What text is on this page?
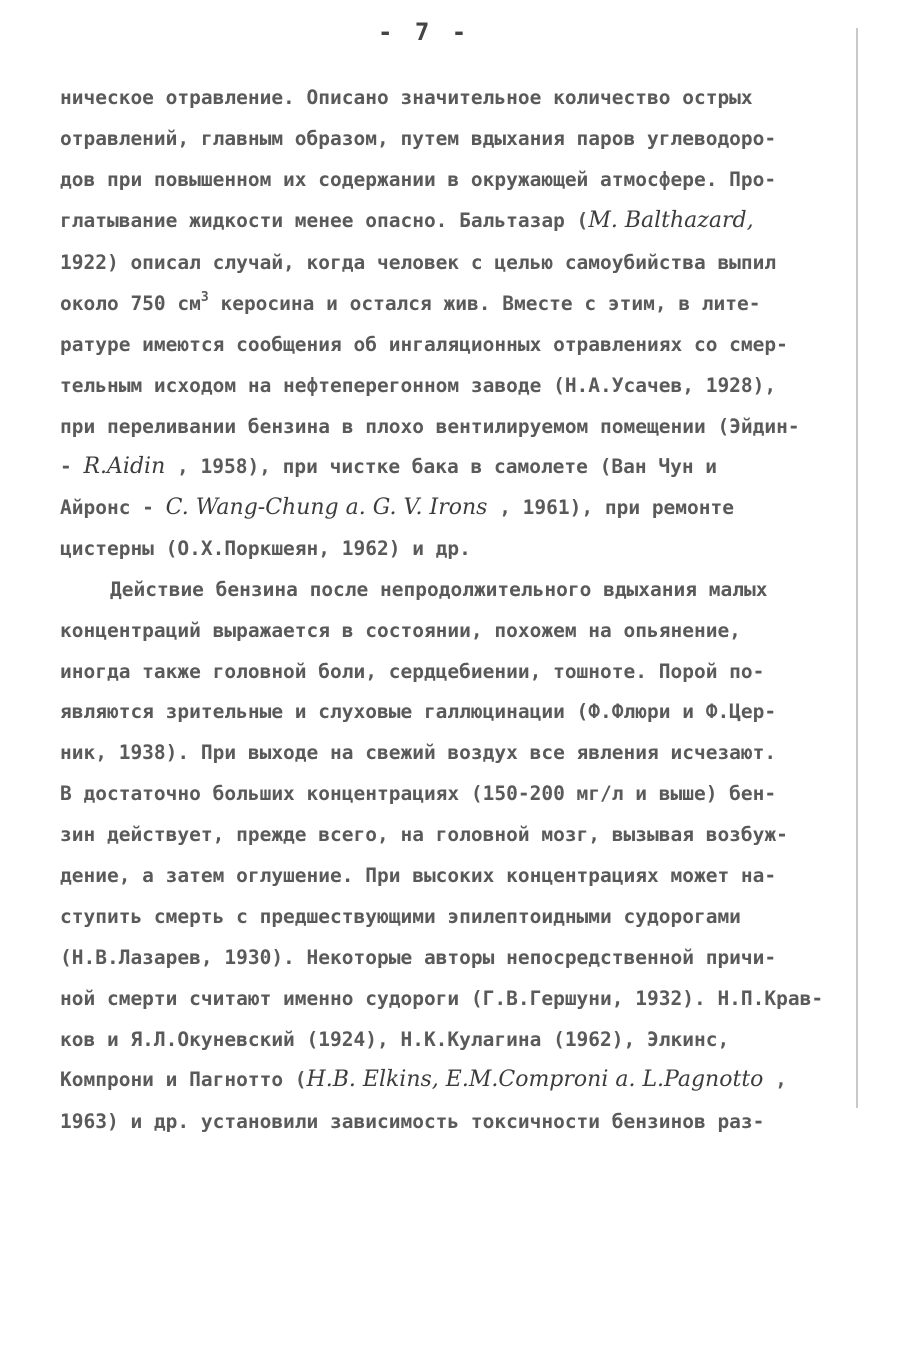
- 7 -
ническое отравление. Описано значительное количество острых
отравлений, главным образом, путем вдыхания паров углеводоро-
дов при повышенном их содержании в окружающей атмосфере. Про-
глатывание жидкости менее опасно. Бальтазар (M. Balthazard,
1922) описал случай, когда человек с целью самоубийства выпил
около 750 $см^3$ керосина и остался жив. Вместе с этим, в лите-
ратуре имеются сообщения об ингаляционных отравлениях со смер-
тельным исходом на нефтеперегонном заводе (Н.А.Усачев, 1928),
при переливании бензина в плохо вентилируемом помещении (Эйдин-
- R.Aidin , 1958), при чистке бака в самолете (Ван Чун и
Айронс - C. Wang-Chung a. G. V. Irons , 1961), при ремонте
цистерны (О.Х.Поркшеян, 1962) и др.
Действие бензина после непродолжительного вдыхания малых
концентраций выражается в состоянии, похожем на опьянение,
иногда также головной боли, сердцебиении, тошноте. Порой по-
являются зрительные и слуховые галлюцинации (Ф.Флюри и Ф.Цер-
ник, 1938). При выходе на свежий воздух все явления исчезают.
В достаточно больших концентрациях (150-200 мг/л и выше) бен-
зин действует, прежде всего, на головной мозг, вызывая возбуж-
дение, а затем оглушение. При высоких концентрациях может на-
ступить смерть с предшествующими эпилептоидными судорогами
(Н.В.Лазарев, 1930). Некоторые авторы непосредственной причи-
ной смерти считают именно судороги (Г.В.Гершуни, 1932). Н.П.Крав-
ков и Я.Л.Окуневский (1924), Н.К.Кулагина (1962), Элкинс,
Компрони и Пагнотто (H.B. Elkins, E.M.Comproni a. L.Pagnotto ,
1963) и др. установили зависимость токсичности бензинов раз-
